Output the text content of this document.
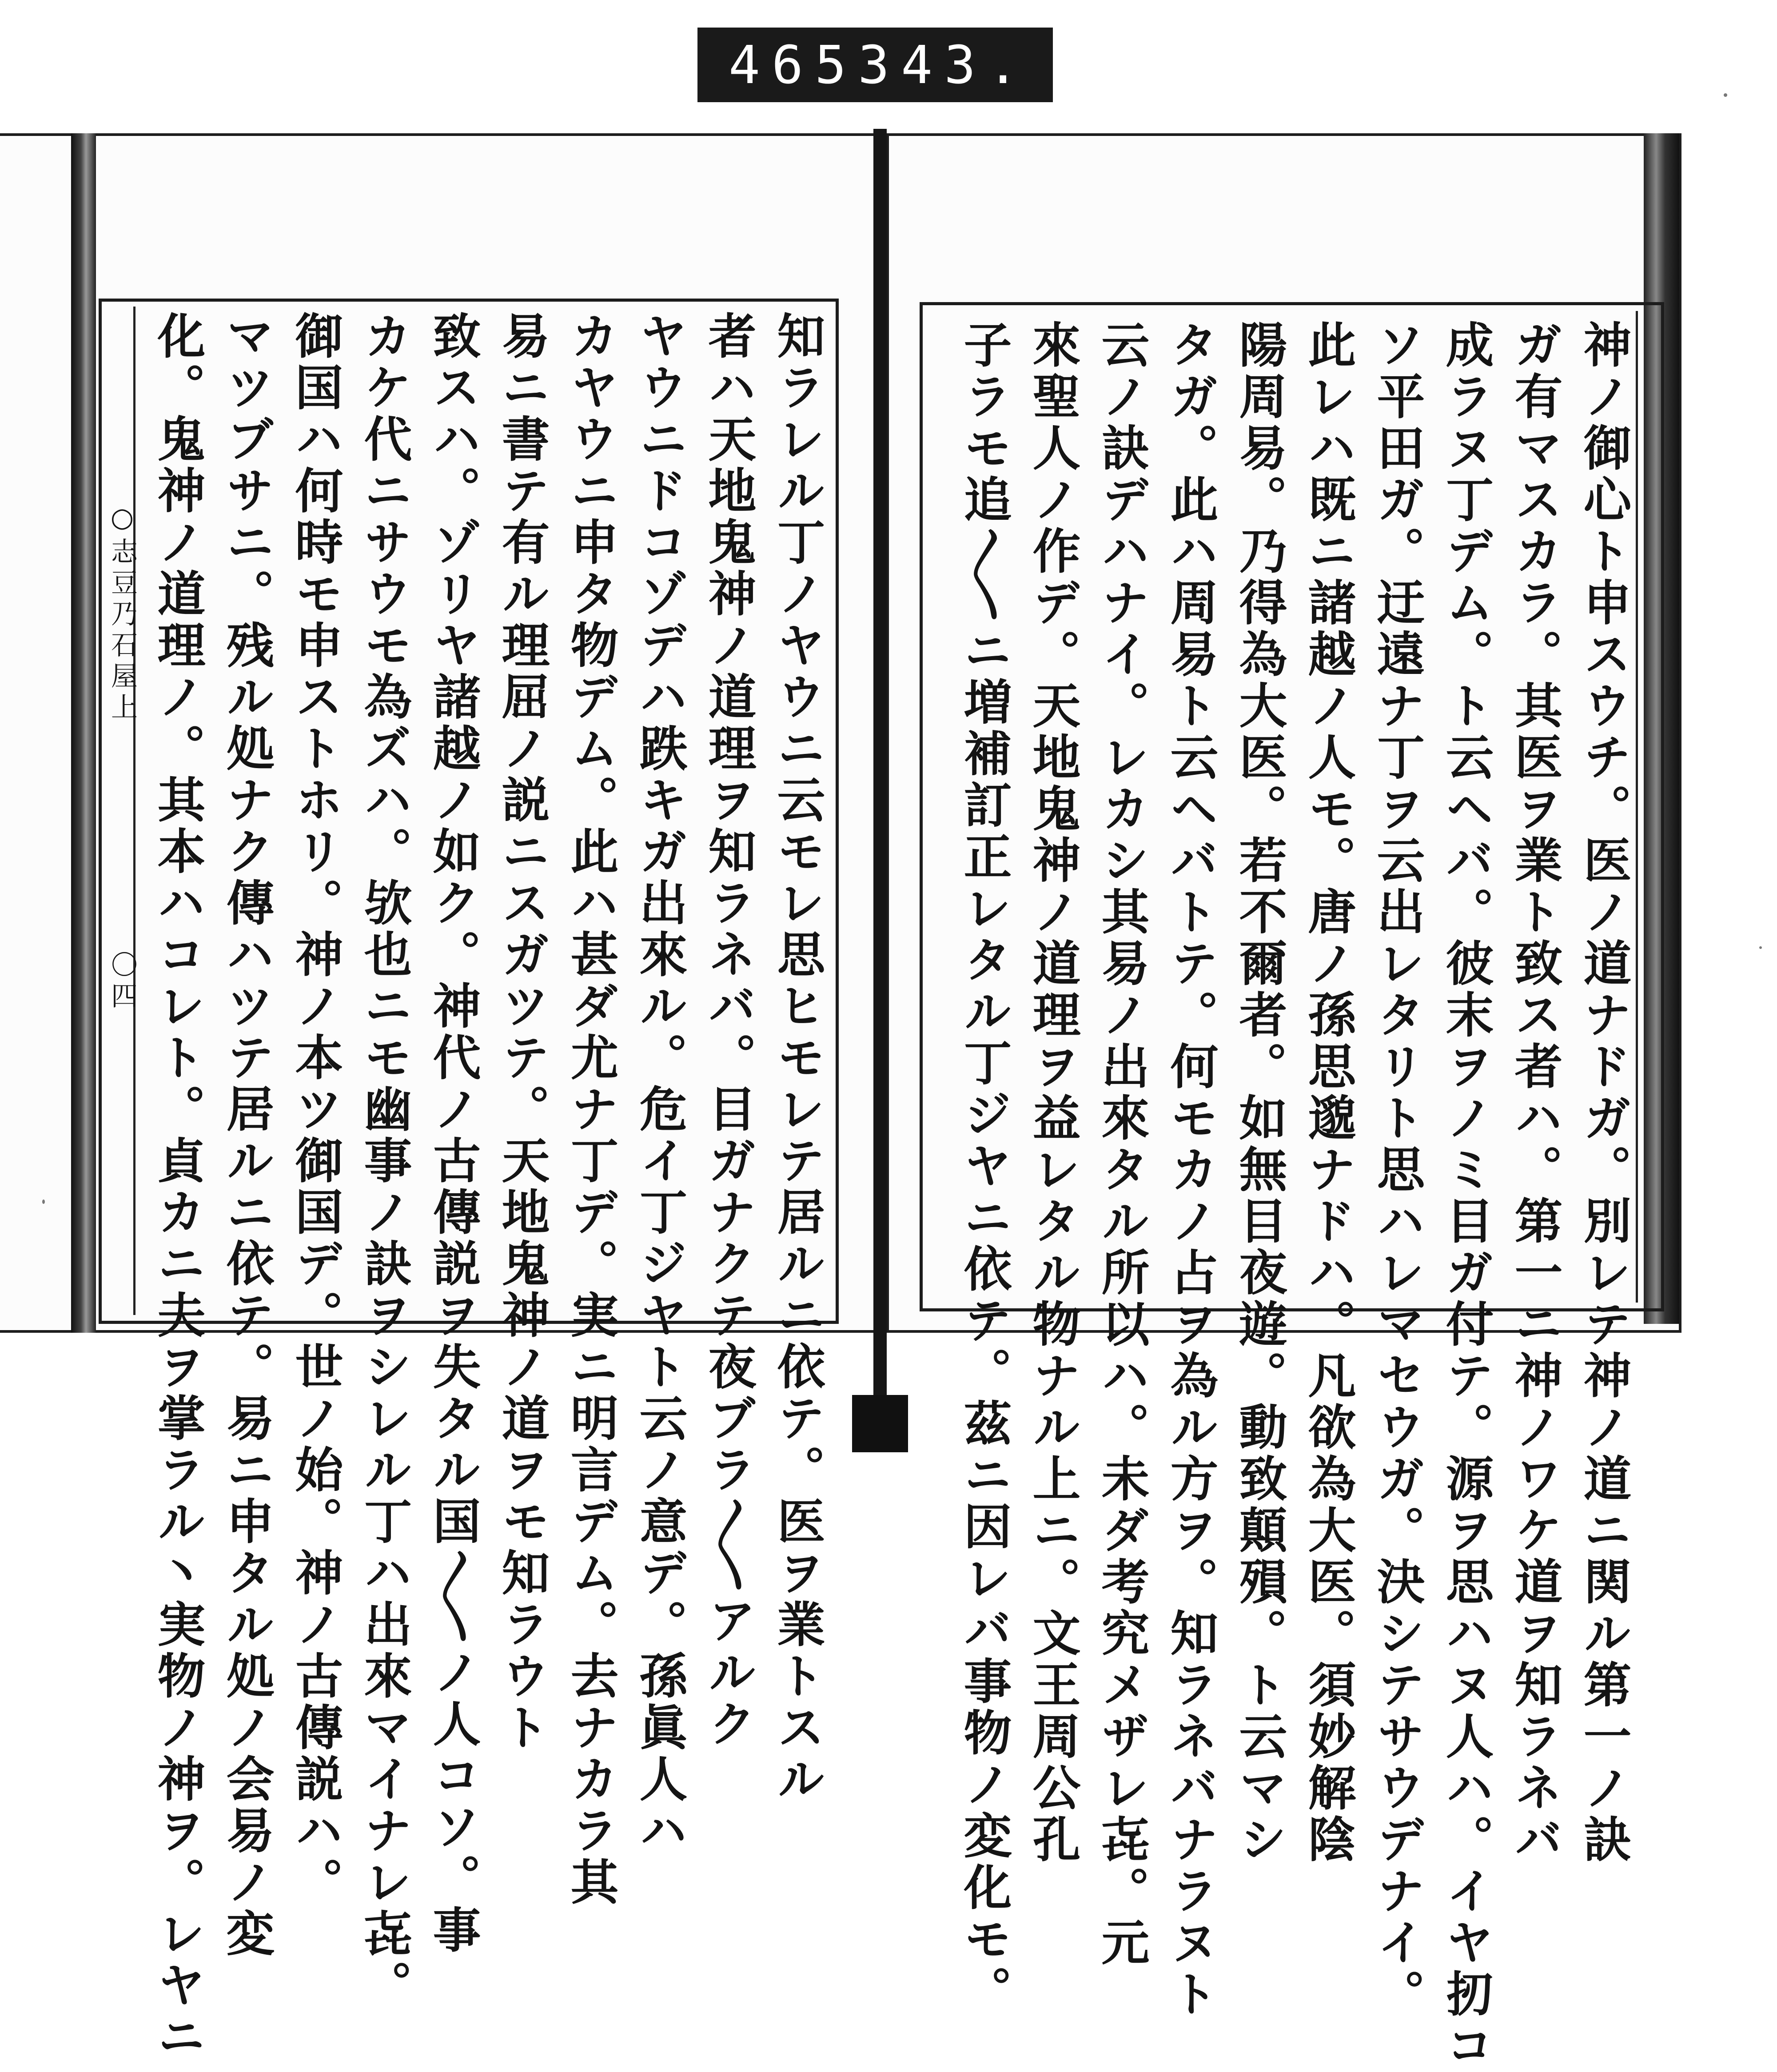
465 343.
○志豆乃石屋上
〇四	知ラレル丁ノヤウニ云モレ思ヒモレテ居ルニ依テ。医ヲ業トスル
者ハ天地鬼神ノ道理ヲ知ラネバ。目ガナクテ夜ブラ〳〵アルク
ヤウニドコゾデハ跌キガ出來ル。危イ丁ジヤト云ノ意デ。孫眞人ハ
カヤウニ申タ物デム。此ハ甚ダ尤ナ丁デ。実ニ明言デム。去ナカラ其
易ニ書テ有ル理屈ノ説ニスガツテ。天地鬼神ノ道ヲモ知ラウト
致スハ。ゾリヤ諸越ノ如ク。神代ノ古傳説ヲ失タル国〳〵ノ人コソ。事
カケ代ニサウモ為ズハ。欤也ニモ幽事ノ訣ヲシレル丁ハ出來マイナレ㐂。
御国ハ何時モ申ストホリ。神ノ本ツ御国デ。世ノ始。神ノ古傳説ハ。
マツブサニ。残ル処ナク傳ハツテ居ルニ依テ。易ニ申タル処ノ会易ノ変
化。鬼神ノ道理ノ。其本ハコレト。貞カニ夫ヲ掌ラル丶実物ノ神ヲ。レヤニ	神ノ御心ト申スウチ。医ノ道ナドガ。別レテ神ノ道ニ関ル第一ノ訣
ガ有マスカラ。其医ヲ業ト致ス者ハ。第一ニ神ノワケ道ヲ知ラネバ
成ラヌ丁デム。ト云ヘバ。彼末ヲノミ目ガ付テ。源ヲ思ハヌ人ハ。イヤ扨コ
ソ平田ガ。迂遠ナ丁ヲ云出レタリト思ハレマセウガ。決シテサウデナイ。
此レハ既ニ諸越ノ人モ。唐ノ孫思邈ナドハ。凡欲為大医。須妙解陰
陽周易。乃得為大医。若不爾者。如無目夜遊。動致顛殞。ト云マシ
タガ。此ハ周易ト云ヘバトテ。何モカノ占ヲ為ル方ヲ。知ラネバナラヌト
云ノ訣デハナイ。レカシ其易ノ出來タル所以ハ。未ダ考究メザレ㐂。元
來聖人ノ作デ。天地鬼神ノ道理ヲ益レタル物ナル上ニ。文王周公孔
子ラモ追〳〵ニ増補訂正レタル丁ジヤニ依テ。茲ニ因レバ事物ノ変化モ。
